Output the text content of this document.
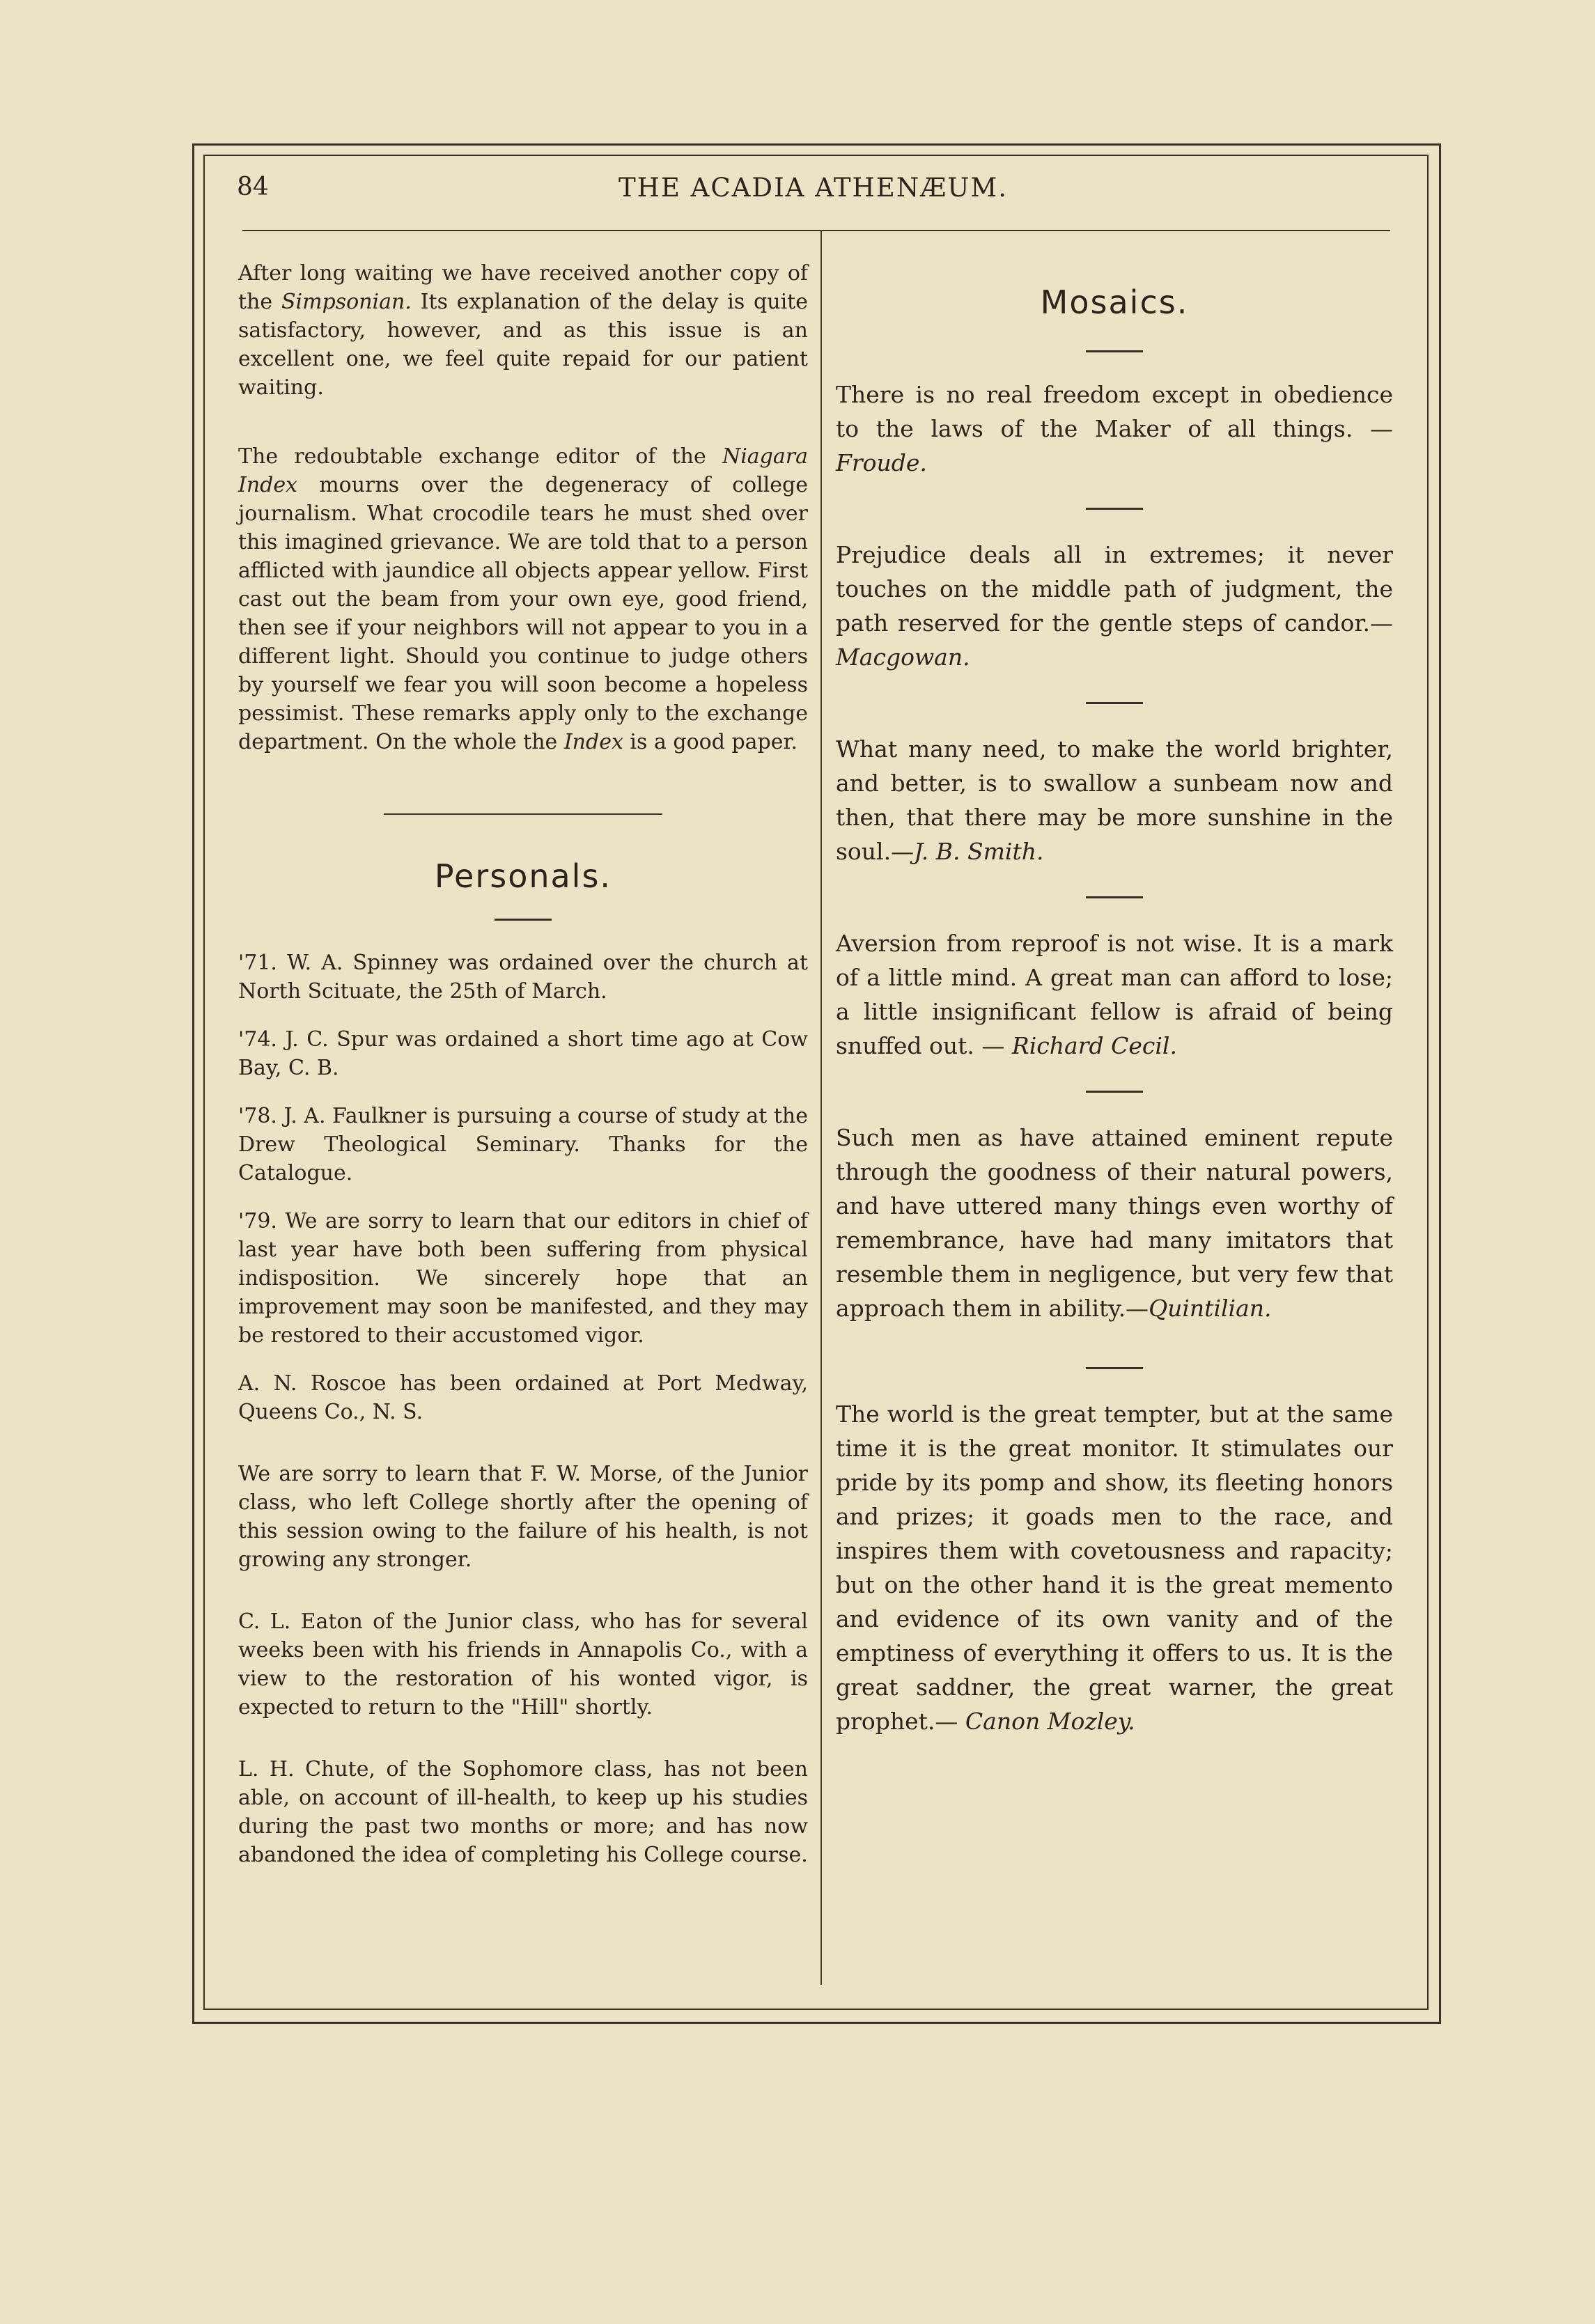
84	THE ACADIA ATHENÆUM.

After long waiting we have received another copy of the Simpsonian. Its explanation of the delay is quite satisfactory, however, and as this issue is an excellent one, we feel quite repaid for our patient waiting.

The redoubtable exchange editor of the Niagara Index mourns over the degeneracy of college journalism. What crocodile tears he must shed over this imagined grievance. We are told that to a person afflicted with jaundice all objects appear yellow. First cast out the beam from your own eye, good friend, then see if your neighbors will not appear to you in a different light. Should you continue to judge others by yourself we fear you will soon become a hopeless pessimist. These remarks apply only to the exchange department. On the whole the Index is a good paper.

Personals.

'71. W. A. Spinney was ordained over the church at North Scituate, the 25th of March.

'74. J. C. Spur was ordained a short time ago at Cow Bay, C. B.

'78. J. A. Faulkner is pursuing a course of study at the Drew Theological Seminary. Thanks for the Catalogue.

'79. We are sorry to learn that our editors in chief of last year have both been suffering from physical indisposition. We sincerely hope that an improvement may soon be manifested, and they may be restored to their accustomed vigor.

A. N. Roscoe has been ordained at Port Medway, Queens Co., N. S.

We are sorry to learn that F. W. Morse, of the Junior class, who left College shortly after the opening of this session owing to the failure of his health, is not growing any stronger.

C. L. Eaton of the Junior class, who has for several weeks been with his friends in Annapolis Co., with a view to the restoration of his wonted vigor, is expected to return to the "Hill" shortly.

L. H. Chute, of the Sophomore class, has not been able, on account of ill-health, to keep up his studies during the past two months or more; and has now abandoned the idea of completing his College course.

Mosaics.

There is no real freedom except in obedience to the laws of the Maker of all things. —Froude.

Prejudice deals all in extremes; it never touches on the middle path of judgment, the path reserved for the gentle steps of candor.—Macgowan.

What many need, to make the world brighter, and better, is to swallow a sunbeam now and then, that there may be more sunshine in the soul.—J. B. Smith.

Aversion from reproof is not wise. It is a mark of a little mind. A great man can afford to lose; a little insignificant fellow is afraid of being snuffed out. — Richard Cecil.

Such men as have attained eminent repute through the goodness of their natural powers, and have uttered many things even worthy of remembrance, have had many imitators that resemble them in negligence, but very few that approach them in ability.—Quintilian.

The world is the great tempter, but at the same time it is the great monitor. It stimulates our pride by its pomp and show, its fleeting honors and prizes; it goads men to the race, and inspires them with covetousness and rapacity; but on the other hand it is the great memento and evidence of its own vanity and of the emptiness of everything it offers to us. It is the great saddner, the great warner, the great prophet.— Canon Mozley.
